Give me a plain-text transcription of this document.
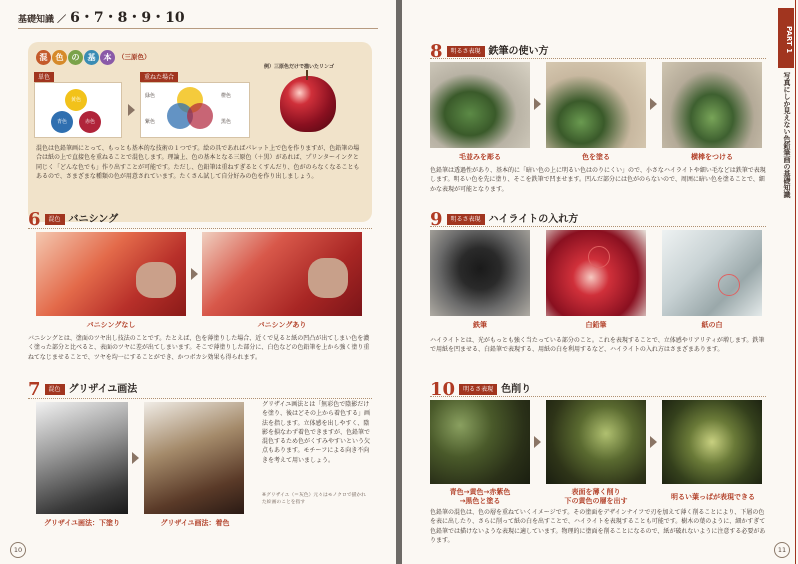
基礎知識 ／ 6・7・8・9・10
混	色	の	基	本	（三原色）
単色	重ねた場合
黄色
青色	赤色
緑色	橙色
紫色	黒色
例）三原色だけで描いたリンゴ
混色は色鉛筆画にとって、もっとも基本的な技術の１つです。絵の具であればパレット上で色を作りますが、色鉛筆の場合は紙の上で直接色を重ねることで混色します。理論上、色の基本となる三原色（＋黒）があれば、プリンターインクと同じく「どんな色でも」作り出すことが可能です。ただし、色鉛筆は重ねすぎるとくすんだり、色がのらなくなることもあるので、さまざまな種類の色が用意されています。たくさん試して自分好みの色を作り出しましょう。
6	混色 バニシング
バニシングなし	バニシングあり
バニシングとは、塗面のツヤ出し技法のことです。たとえば、色を薄塗りした場合、近くで見ると紙の凹凸が出てしまい色を濃く塗った部分と比べると、表面のツヤに差が出てしまいます。そこで薄塗りした部分に、白色などの色鉛筆を上から強く塗り重ねてなじませることで、ツヤを均一にすることができ、かつボカシ効果も得られます。
7	混色 グリザイユ画法
グリザイユ画法：下塗り	グリザイユ画法：着色
グリザイユ画法とは「無彩色で陰影だけを塗り、後はどその上から着色する」画法を指します。立体感を出しやすく、陰影を損なわず着色できますが、色鉛筆で混色するため色がくすみやすいという欠点もあります。モチーフによる向き不向きを考えて用いましょう。
※グリザイユ（＝灰色）元々はモノクロで描かれた絵画のことを指す
10
PART 1
写真にしか見えない色鉛筆画の基礎知識
8	明るさ表現 鉄筆の使い方
毛並みを彫る	色を塗る	横棒をつける
色鉛筆は透過性があり、基本的に「暗い色の上に明るい色はのりにくい」ので、小さなハイライトや細い毛などは鉄筆で表現します。明るい色を先に塗り、そこを鉄筆で凹ませます。凹んだ部分には色がのらないので、周囲に暗い色を塗ることで、細かな表現が可能となります。
9	明るさ表現 ハイライトの入れ方
鉄筆	白鉛筆	紙の白
ハイライトとは、光がもっとも強く当たっている部分のこと。これを表現することで、立体感やリアリティが増します。鉄筆で用紙を凹ませる、白鉛筆で表現する、用紙の白を利用するなど、ハイライトの入れ方はさまざまあります。
10	明るさ表現 色削り
青色→黄色→赤紫色
→黒色と塗る
表面を薄く削り
下の黄色の層を出す	明るい葉っぱが表現できる
色鉛筆の混色は、色の層を重ねていくイメージです。その塗面をデザインナイフで刃を加えて薄く削ることにより、下層の色を表に出したり、さらに削って紙の白を出すことで、ハイライトを表現することも可能です。樹木の葉のように、細かすぎて色鉛筆では描けないような表現に適しています。物理的に塗面を削ることになるので、紙が破れないように注意する必要があります。
11
